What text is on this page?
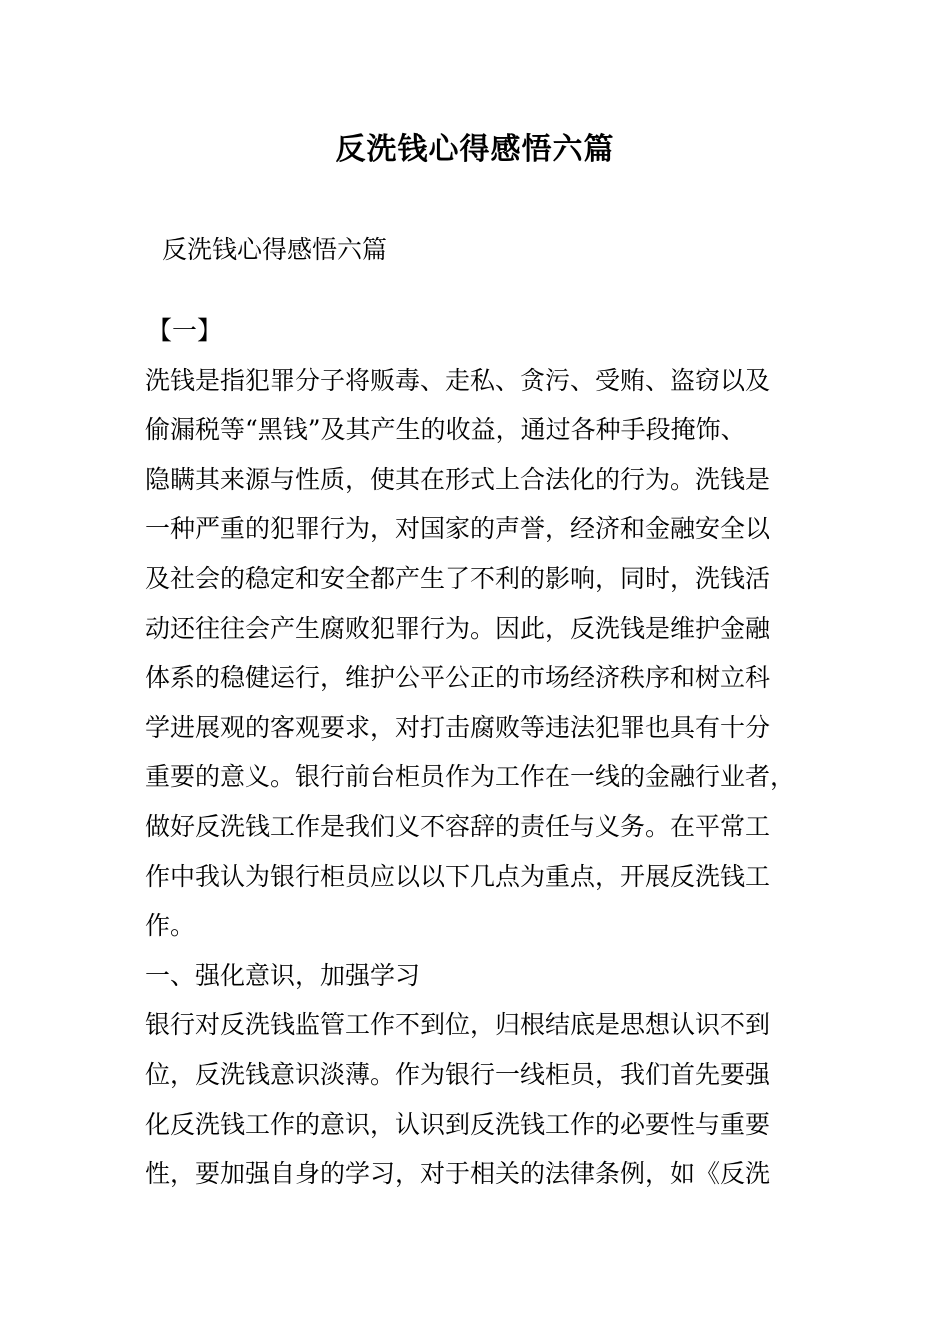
反洗钱心得感悟六篇
反洗钱心得感悟六篇
【一】
洗钱是指犯罪分子将贩毒、走私、贪污、受贿、盗窃以及
偷漏税等“黑钱”及其产生的收益，通过各种手段掩饰、
隐瞒其来源与性质，使其在形式上合法化的行为。洗钱是
一种严重的犯罪行为，对国家的声誉，经济和金融安全以
及社会的稳定和安全都产生了不利的影响，同时，洗钱活
动还往往会产生腐败犯罪行为。因此，反洗钱是维护金融
体系的稳健运行，维护公平公正的市场经济秩序和树立科
学进展观的客观要求，对打击腐败等违法犯罪也具有十分
重要的意义。银行前台柜员作为工作在一线的金融行业者，
做好反洗钱工作是我们义不容辞的责任与义务。在平常工
作中我认为银行柜员应以以下几点为重点，开展反洗钱工
作。
一、强化意识，加强学习
银行对反洗钱监管工作不到位，归根结底是思想认识不到
位，反洗钱意识淡薄。作为银行一线柜员，我们首先要强
化反洗钱工作的意识，认识到反洗钱工作的必要性与重要
性，要加强自身的学习，对于相关的法律条例，如《反洗
